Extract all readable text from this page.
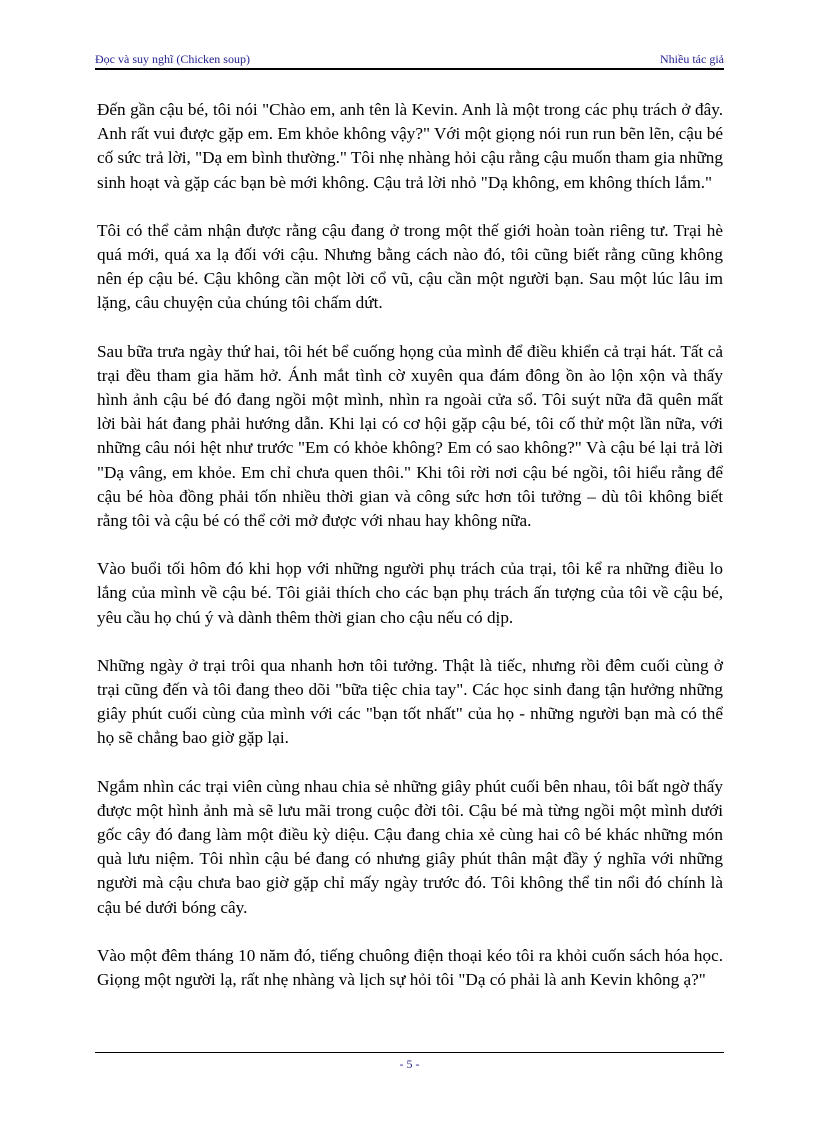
Đọc và suy nghĩ (Chicken soup)	Nhiều tác giả

Đến gần cậu bé, tôi nói "Chào em, anh tên là Kevin. Anh là một trong các phụ trách ở đây. Anh rất vui được gặp em. Em khỏe không vậy?" Với một giọng nói run run bẽn lẽn, cậu bé cố sức trả lời, "Dạ em bình thường." Tôi nhẹ nhàng hỏi cậu rằng cậu muốn tham gia những sinh hoạt và gặp các bạn bè mới không. Cậu trả lời nhỏ "Dạ không, em không thích lắm."

Tôi có thể cảm nhận được rằng cậu đang ở trong một thế giới hoàn toàn riêng tư. Trại hè quá mới, quá xa lạ đối với cậu. Nhưng bằng cách nào đó, tôi cũng biết rằng cũng không nên ép cậu bé. Cậu không cần một lời cổ vũ, cậu cần một người bạn. Sau một lúc lâu im lặng, câu chuyện của chúng tôi chấm dứt.

Sau bữa trưa ngày thứ hai, tôi hét bể cuống họng của mình để điều khiển cả trại hát. Tất cả trại đều tham gia hăm hở. Ánh mắt tình cờ xuyên qua đám đông ồn ào lộn xộn và thấy hình ảnh cậu bé đó đang ngồi một mình, nhìn ra ngoài cửa sổ. Tôi suýt nữa đã quên mất lời bài hát đang phải hướng dẫn. Khi lại có cơ hội gặp cậu bé, tôi cố thử một lần nữa, với những câu nói hệt như trước "Em có khỏe không? Em có sao không?" Và cậu bé lại trả lời "Dạ vâng, em khỏe. Em chỉ chưa quen thôi." Khi tôi rời nơi cậu bé ngồi, tôi hiểu rằng để cậu bé hòa đồng phải tốn nhiều thời gian và công sức hơn tôi tưởng – dù tôi không biết rằng tôi và cậu bé có thể cởi mở được với nhau hay không nữa.

Vào buổi tối hôm đó khi họp với những người phụ trách của trại, tôi kể ra những điều lo lắng của mình về cậu bé. Tôi giải thích cho các bạn phụ trách ấn tượng của tôi về cậu bé, yêu cầu họ chú ý và dành thêm thời gian cho cậu nếu có dịp.

Những ngày ở trại trôi qua nhanh hơn tôi tưởng. Thật là tiếc, nhưng rồi đêm cuối cùng ở trại cũng đến và tôi đang theo dõi "bữa tiệc chia tay". Các học sinh đang tận hưởng những giây phút cuối cùng của mình với các "bạn tốt nhất" của họ - những người bạn mà có thể họ sẽ chẳng bao giờ gặp lại.

Ngắm nhìn các trại viên cùng nhau chia sẻ những giây phút cuối bên nhau, tôi bất ngờ thấy được một hình ảnh mà sẽ lưu mãi trong cuộc đời tôi. Cậu bé mà từng ngồi một mình dưới gốc cây đó đang làm một điều kỳ diệu. Cậu đang chia xẻ cùng hai cô bé khác những món quà lưu niệm. Tôi nhìn cậu bé đang có nhưng giây phút thân mật đầy ý nghĩa với những người mà cậu chưa bao giờ gặp chỉ mấy ngày trước đó. Tôi không thể tin nổi đó chính là cậu bé dưới bóng cây.

Vào một đêm tháng 10 năm đó, tiếng chuông điện thoại kéo tôi ra khỏi cuốn sách hóa học. Giọng một người lạ, rất nhẹ nhàng và lịch sự hỏi tôi "Dạ có phải là anh Kevin không ạ?"

- 5 -
